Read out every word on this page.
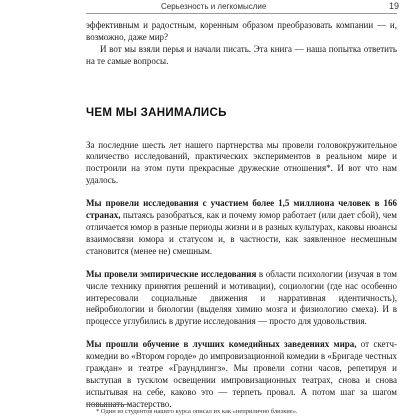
Серьезность и легкомыслие	19

эффективным и радостным, коренным образом преобразовать компании — и, возможно, даже мир?

И вот мы взяли перья и начали писать. Эта книга — наша попытка ответить на те самые вопросы.

ЧЕМ МЫ ЗАНИМАЛИСЬ

За последние шесть лет нашего партнерства мы провели головокружительное количество исследований, практических экспериментов в реальном мире и построили на этом пути прекрасные дружеские отношения*. И вот что нам удалось.

Мы провели исследования с участием более 1,5 миллиона человек в 166 странах, пытаясь разобраться, как и почему юмор работает (или дает сбой), чем отличается юмор в разные периоды жизни и в разных культурах, каковы нюансы взаимосвязи юмора и статусом и, в частности, как заявленное несмешным становится (менее не) смешным.

Мы провели эмпирические исследования в области психологии (изучая в том числе технику принятия решений и мотивации), социологии (где нас особенно интересовали социальные движения и нарративная идентичность), нейробиологии и биологии (выделяя химию мозга и физиологию смеха). И в процессе углубились в другие исследования — просто для удовольствия.

Мы прошли обучение в лучших комедийных заведениях мира, от скетч-комедии во «Втором городе» до импровизационной комедии в «Бригаде честных граждан» и театре «Граундлингз». Мы провели сотни часов, репетируя и выступая в тусклом освещении импровизационных театрах, снова и снова испытывая на себе, каково это — терпеть провал. А потом шаг за шагом повышать мастерство.

* Один из студентов нашего курса описал их как «неприлично близкие».
